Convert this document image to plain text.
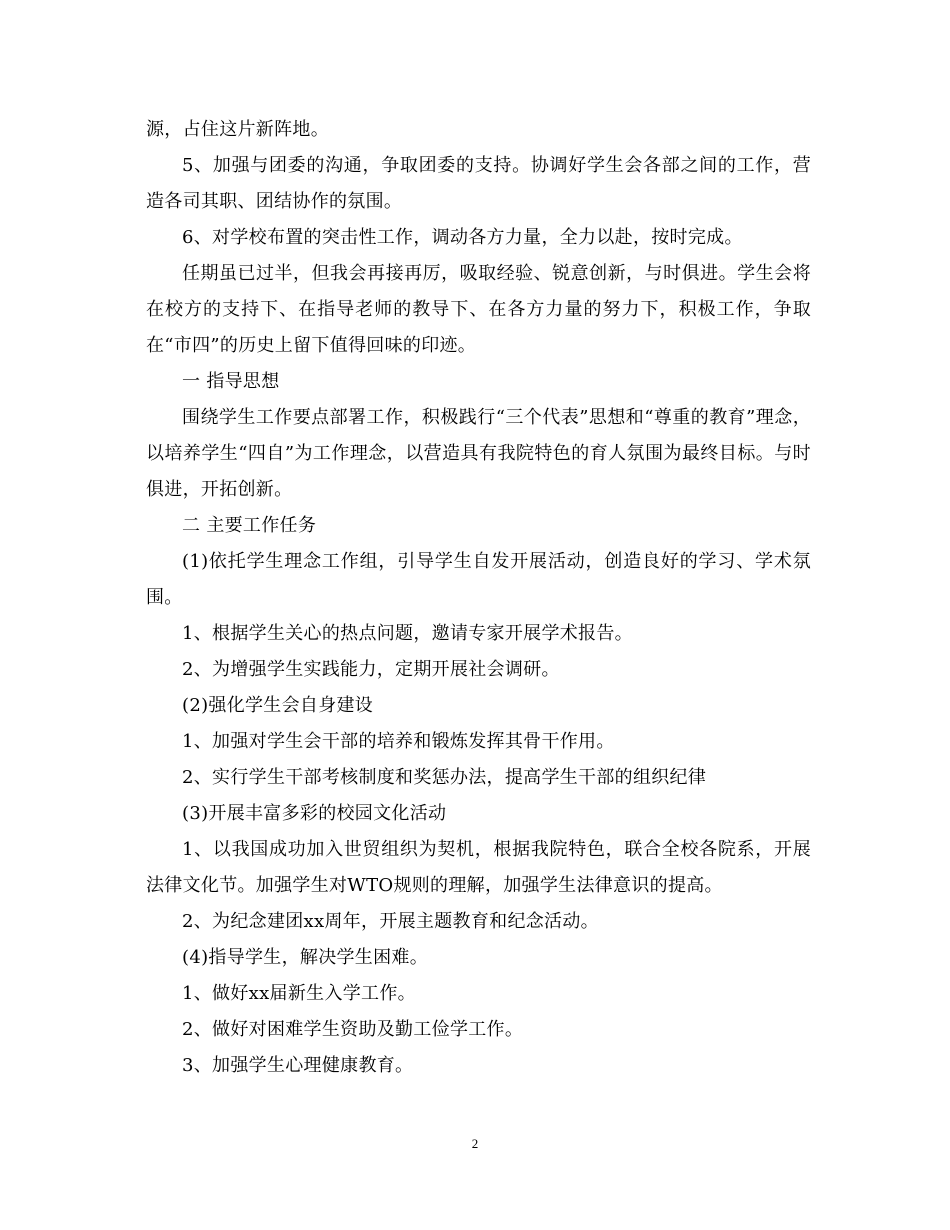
源，占住这片新阵地。

5、加强与团委的沟通，争取团委的支持。协调好学生会各部之间的工作，营造各司其职、团结协作的氛围。

6、对学校布置的突击性工作，调动各方力量，全力以赴，按时完成。

任期虽已过半，但我会再接再厉，吸取经验、锐意创新，与时俱进。学生会将在校方的支持下、在指导老师的教导下、在各方力量的努力下，积极工作，争取在“市四”的历史上留下值得回味的印迹。

一 指导思想

围绕学生工作要点部署工作，积极践行“三个代表”思想和“尊重的教育”理念，以培养学生“四自”为工作理念，以营造具有我院特色的育人氛围为最终目标。与时俱进，开拓创新。

二 主要工作任务

(1)依托学生理念工作组，引导学生自发开展活动，创造良好的学习、学术氛围。

1、根据学生关心的热点问题，邀请专家开展学术报告。

2、为增强学生实践能力，定期开展社会调研。

(2)强化学生会自身建设

1、加强对学生会干部的培养和锻炼发挥其骨干作用。

2、实行学生干部考核制度和奖惩办法，提高学生干部的组织纪律

(3)开展丰富多彩的校园文化活动

1、以我国成功加入世贸组织为契机，根据我院特色，联合全校各院系，开展法律文化节。加强学生对WTO规则的理解，加强学生法律意识的提高。

2、为纪念建团xx周年，开展主题教育和纪念活动。

(4)指导学生，解决学生困难。

1、做好xx届新生入学工作。

2、做好对困难学生资助及勤工俭学工作。

3、加强学生心理健康教育。

2
